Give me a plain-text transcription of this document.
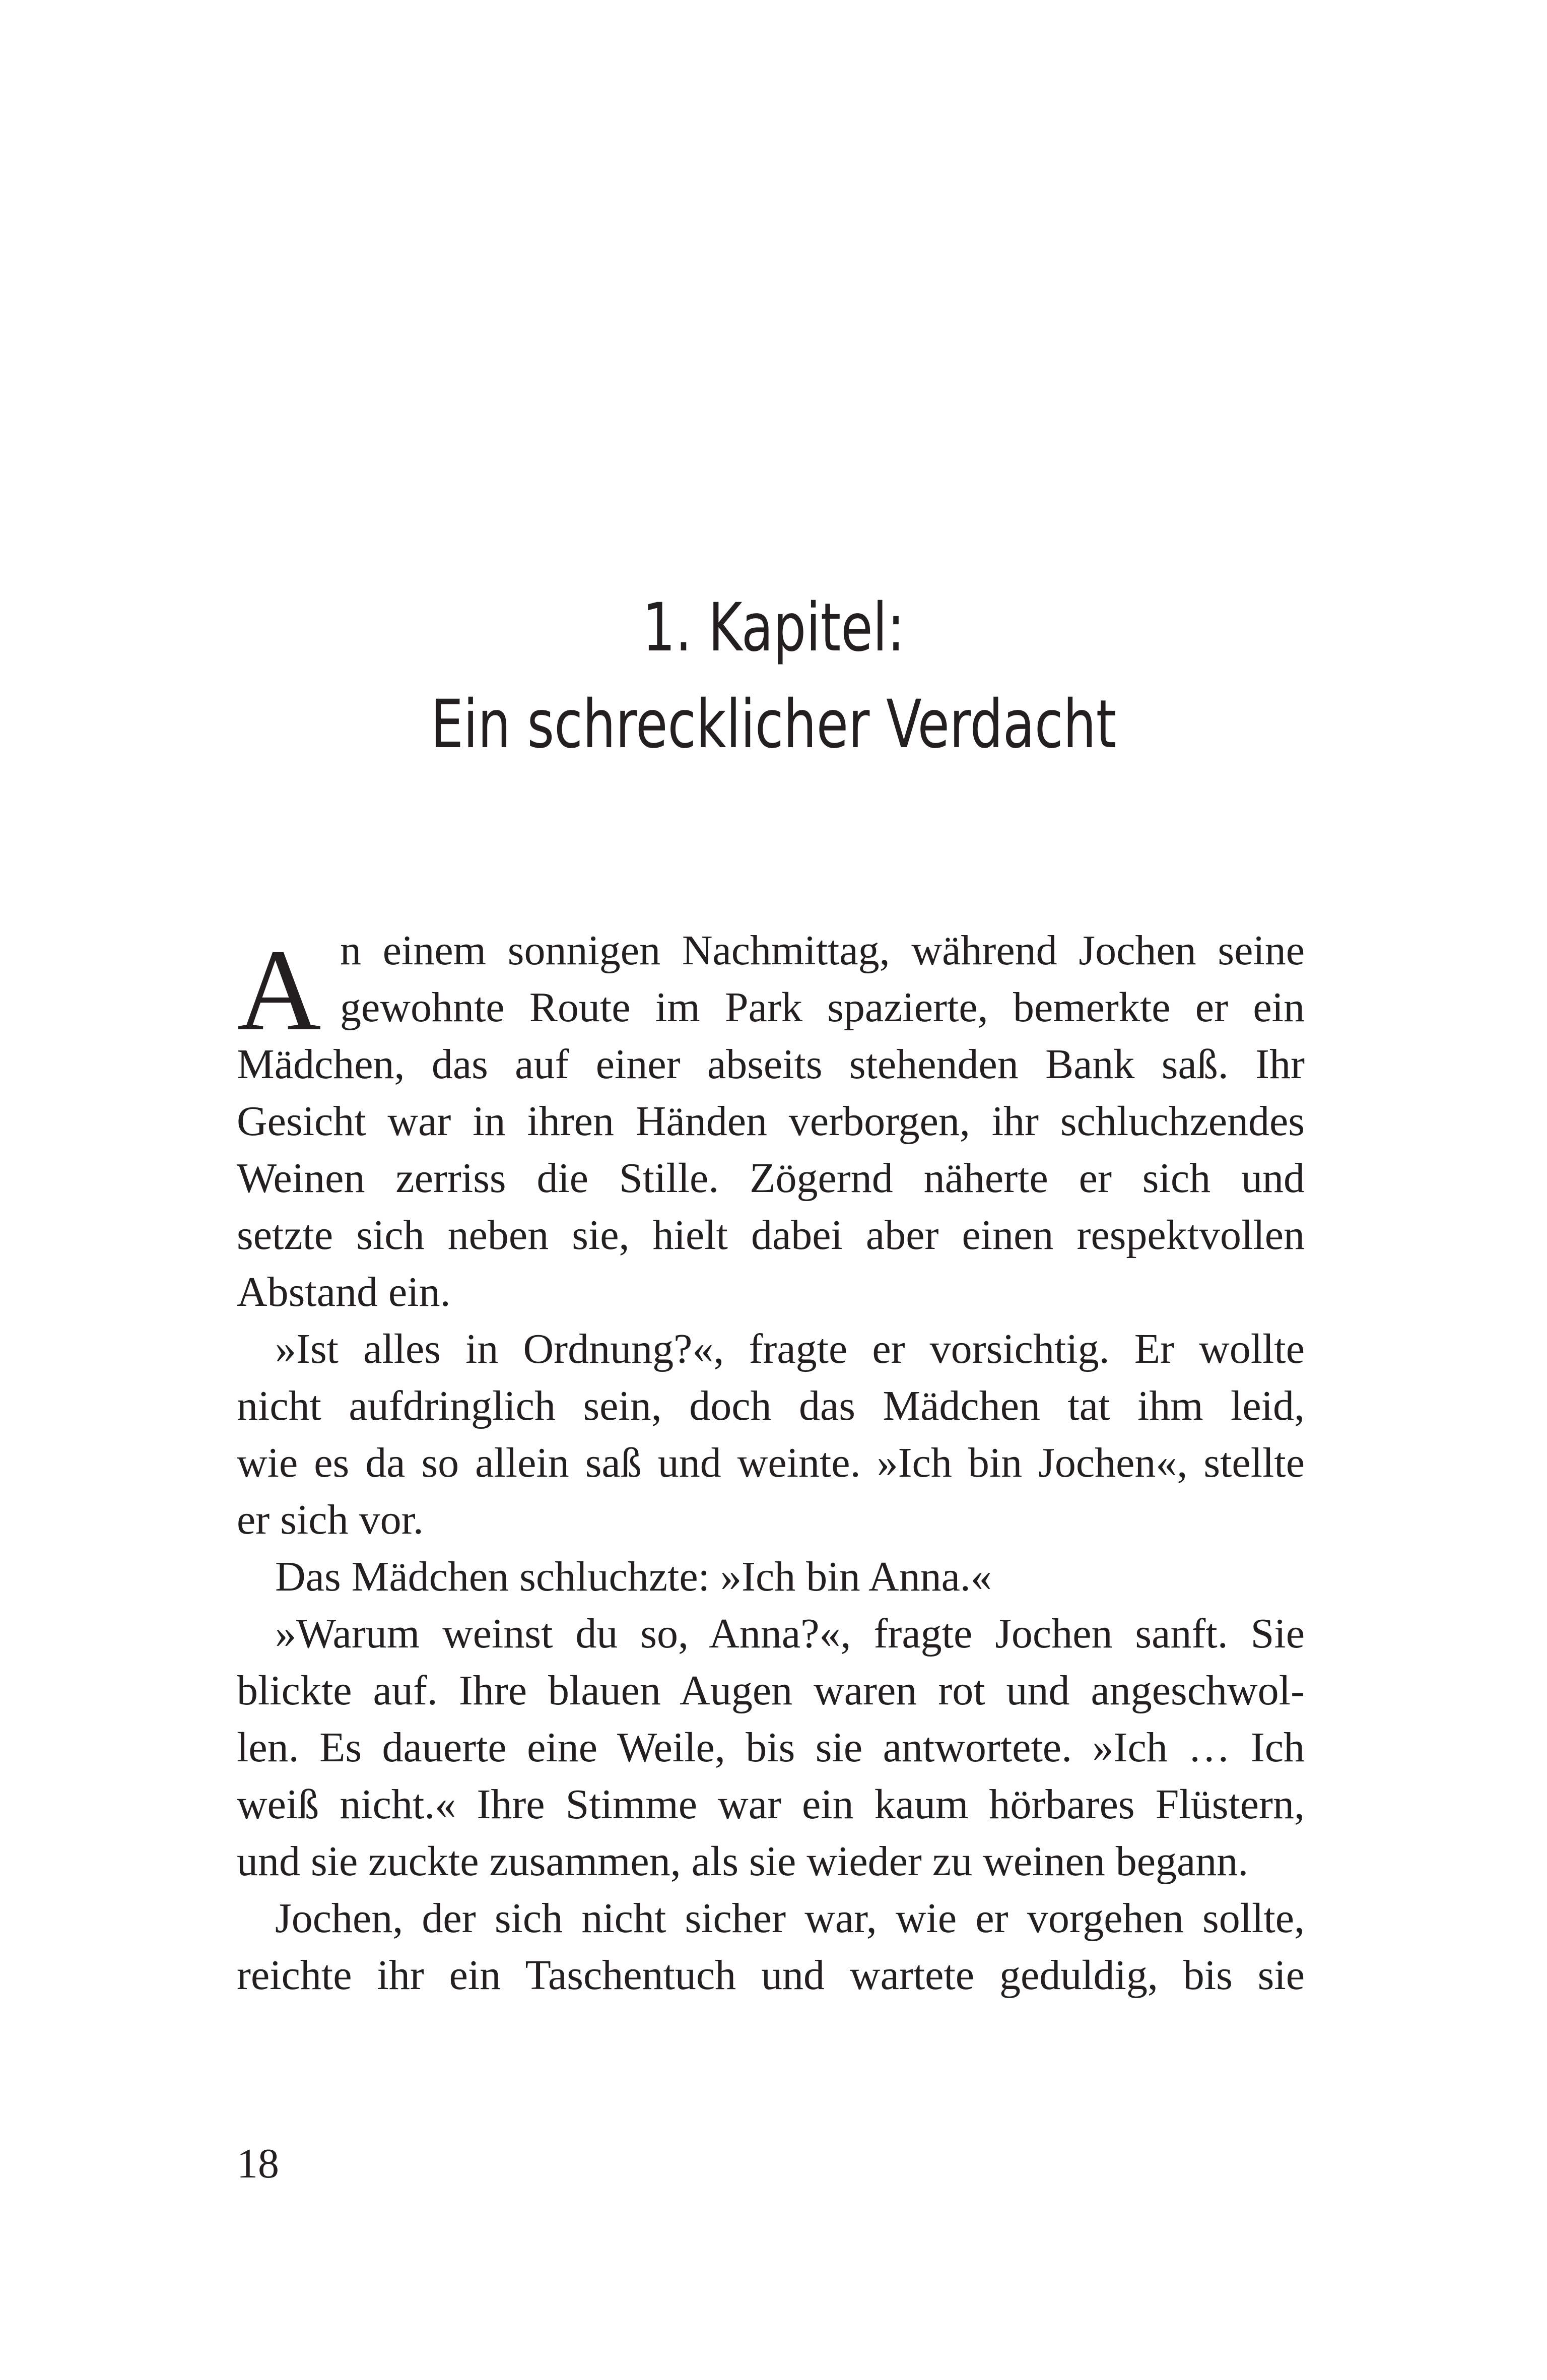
1. Kapitel:
Ein schrecklicher Verdacht
A n einem sonnigen Nachmittag, während Jochen seine
gewohnte Route im Park spazierte, bemerkte er ein
Mädchen, das auf einer abseits stehenden Bank saß. Ihr
Gesicht war in ihren Händen verborgen, ihr schluchzendes
Weinen zerriss die Stille. Zögernd näherte er sich und
setzte sich neben sie, hielt dabei aber einen respektvollen
Abstand ein.
»Ist alles in Ordnung?«, fragte er vorsichtig. Er wollte
nicht aufdringlich sein, doch das Mädchen tat ihm leid,
wie es da so allein saß und weinte. »Ich bin Jochen«, stellte
er sich vor.
Das Mädchen schluchzte: »Ich bin Anna.«
»Warum weinst du so, Anna?«, fragte Jochen sanft. Sie
blickte auf. Ihre blauen Augen waren rot und angeschwol-
len. Es dauerte eine Weile, bis sie antwortete. »Ich … Ich
weiß nicht.« Ihre Stimme war ein kaum hörbares Flüstern,
und sie zuckte zusammen, als sie wieder zu weinen begann.
Jochen, der sich nicht sicher war, wie er vorgehen sollte,
reichte ihr ein Taschentuch und wartete geduldig, bis sie
18
